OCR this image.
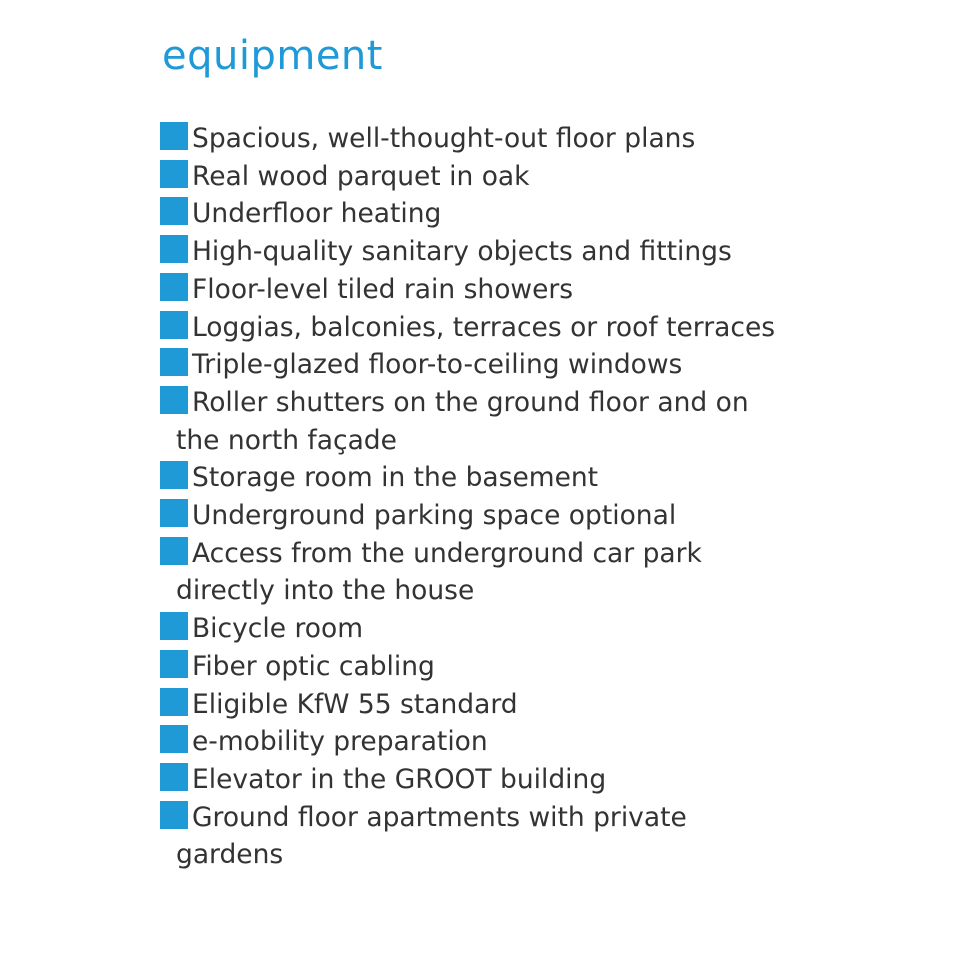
equipment
Spacious, well-thought-out floor plans
Real wood parquet in oak
Underfloor heating
High-quality sanitary objects and fittings
Floor-level tiled rain showers
Loggias, balconies, terraces or roof terraces
Triple-glazed floor-to-ceiling windows
Roller shutters on the ground floor and on the north façade
Storage room in the basement
Underground parking space optional
Access from the underground car park directly into the house
Bicycle room
Fiber optic cabling
Eligible KfW 55 standard
e-mobility preparation
Elevator in the GROOT building
Ground floor apartments with private gardens
